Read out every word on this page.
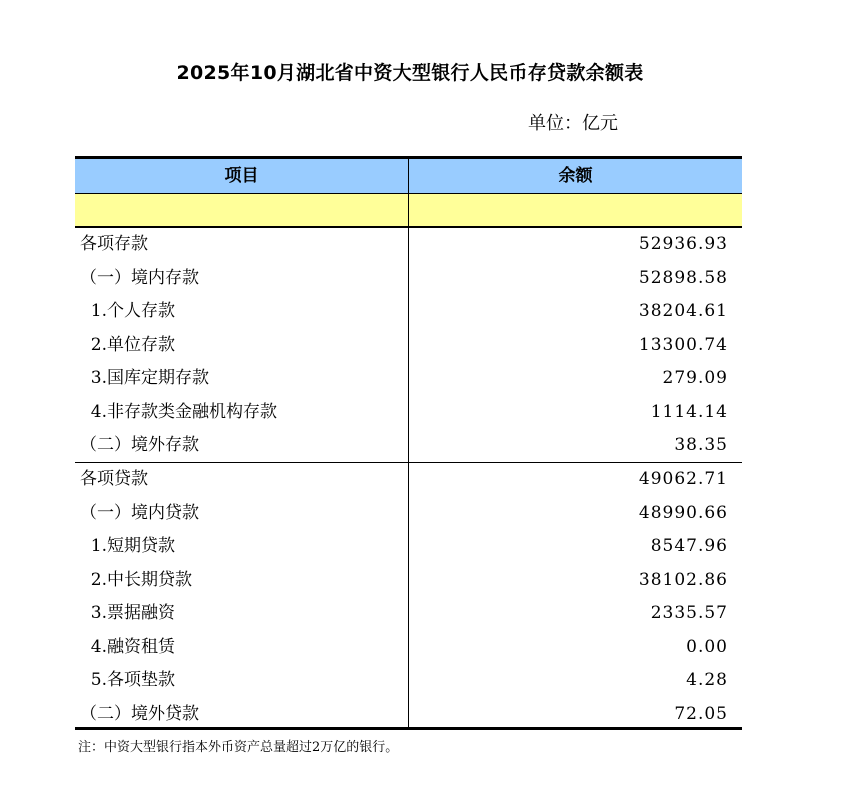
2025年10月湖北省中资大型银行人民币存贷款余额表
单位：亿元
项目	余额
各项存款	52936.93
（一）境内存款	52898.58
1.个人存款	38204.61
2.单位存款	13300.74
3.国库定期存款	279.09
4.非存款类金融机构存款	1114.14
（二）境外存款	38.35
各项贷款	49062.71
（一）境内贷款	48990.66
1.短期贷款	8547.96
2.中长期贷款	38102.86
3.票据融资	2335.57
4.融资租赁	0.00
5.各项垫款	4.28
（二）境外贷款	72.05
注：中资大型银行指本外币资产总量超过2万亿的银行。
